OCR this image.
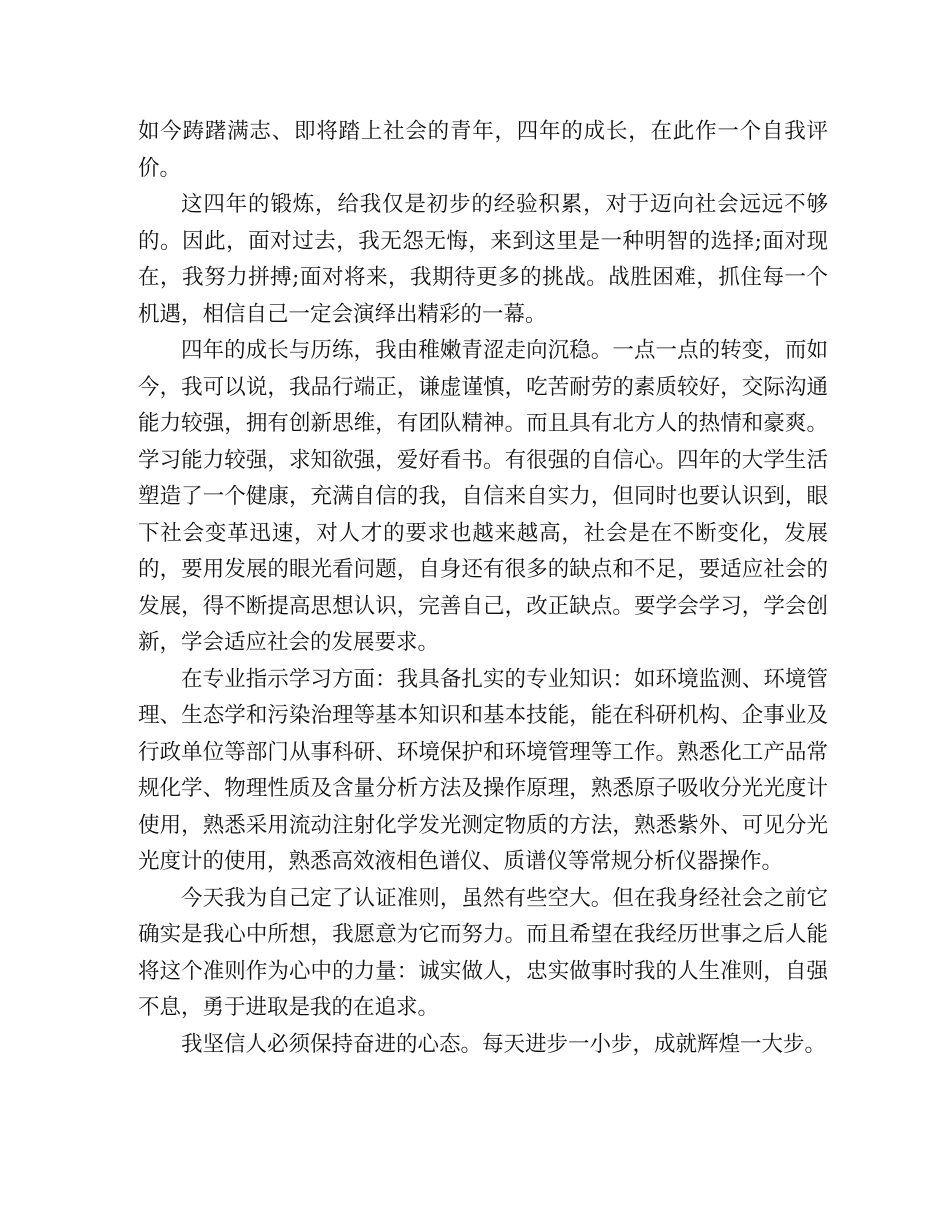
如今踌躇满志、即将踏上社会的青年，四年的成长，在此作一个自我评价。

这四年的锻炼，给我仅是初步的经验积累，对于迈向社会远远不够的。因此，面对过去，我无怨无悔，来到这里是一种明智的选择;面对现在，我努力拼搏;面对将来，我期待更多的挑战。战胜困难，抓住每一个机遇，相信自己一定会演绎出精彩的一幕。

四年的成长与历练，我由稚嫩青涩走向沉稳。一点一点的转变，而如今，我可以说，我品行端正，谦虚谨慎，吃苦耐劳的素质较好，交际沟通能力较强，拥有创新思维，有团队精神。而且具有北方人的热情和豪爽。学习能力较强，求知欲强，爱好看书。有很强的自信心。四年的大学生活塑造了一个健康，充满自信的我，自信来自实力，但同时也要认识到，眼下社会变革迅速，对人才的要求也越来越高，社会是在不断变化，发展的，要用发展的眼光看问题，自身还有很多的缺点和不足，要适应社会的发展，得不断提高思想认识，完善自己，改正缺点。要学会学习，学会创新，学会适应社会的发展要求。

在专业指示学习方面：我具备扎实的专业知识：如环境监测、环境管理、生态学和污染治理等基本知识和基本技能，能在科研机构、企事业及行政单位等部门从事科研、环境保护和环境管理等工作。熟悉化工产品常规化学、物理性质及含量分析方法及操作原理，熟悉原子吸收分光光度计使用，熟悉采用流动注射化学发光测定物质的方法，熟悉紫外、可见分光光度计的使用，熟悉高效液相色谱仪、质谱仪等常规分析仪器操作。

今天我为自己定了认证准则，虽然有些空大。但在我身经社会之前它确实是我心中所想，我愿意为它而努力。而且希望在我经历世事之后人能将这个准则作为心中的力量：诚实做人，忠实做事时我的人生准则，自强不息，勇于进取是我的在追求。

我坚信人必须保持奋进的心态。每天进步一小步，成就辉煌一大步。
